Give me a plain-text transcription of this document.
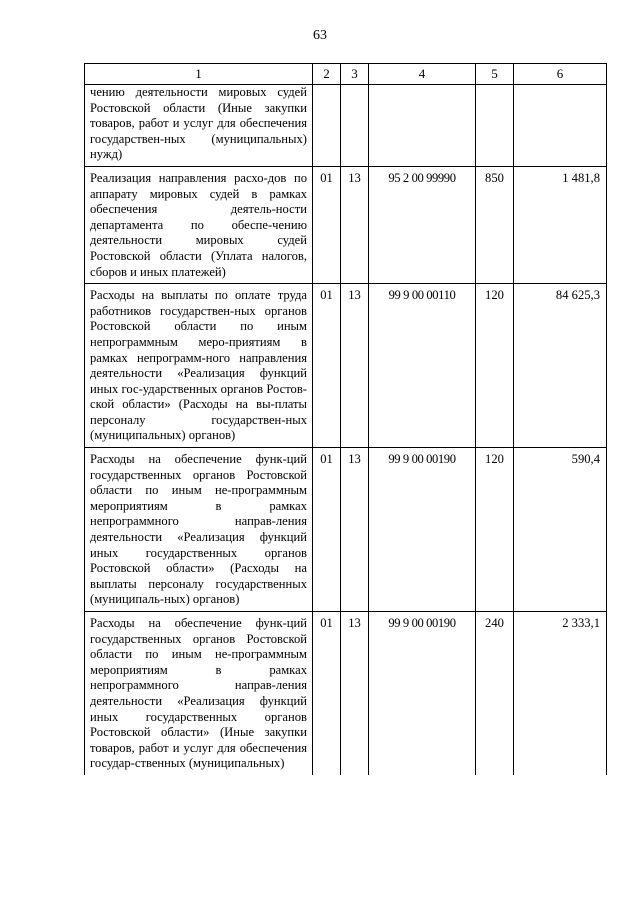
63
1	2	3	4	5	6
чению деятельности мировых судей Ростовской области (Иные закупки товаров, работ и услуг для обеспечения государствен-ных (муниципальных) нужд)					
Реализация направления расхо-дов по аппарату мировых судей в рамках обеспечения деятель-ности департамента по обеспе-чению деятельности мировых судей Ростовской области (Уплата налогов, сборов и иных платежей)	01	13	95 2 00 99990	850	1 481,8
Расходы на выплаты по оплате труда работников государствен-ных органов Ростовской области по иным непрограммным меро-приятиям в рамках непрограмм-ного направления деятельности «Реализация функций иных гос-ударственных органов Ростов-ской области» (Расходы на вы-платы персоналу государствен-ных (муниципальных) органов)	01	13	99 9 00 00110	120	84 625,3
Расходы на обеспечение функ-ций государственных органов Ростовской области по иным не-программным мероприятиям в рамках непрограммного направ-ления деятельности «Реализация функций иных государственных органов Ростовской области» (Расходы на выплаты персоналу государственных (муниципаль-ных) органов)	01	13	99 9 00 00190	120	590,4
Расходы на обеспечение функ-ций государственных органов Ростовской области по иным не-программным мероприятиям в рамках непрограммного направ-ления деятельности «Реализация функций иных государственных органов Ростовской области» (Иные закупки товаров, работ и услуг для обеспечения государ-ственных (муниципальных)	01	13	99 9 00 00190	240	2 333,1
